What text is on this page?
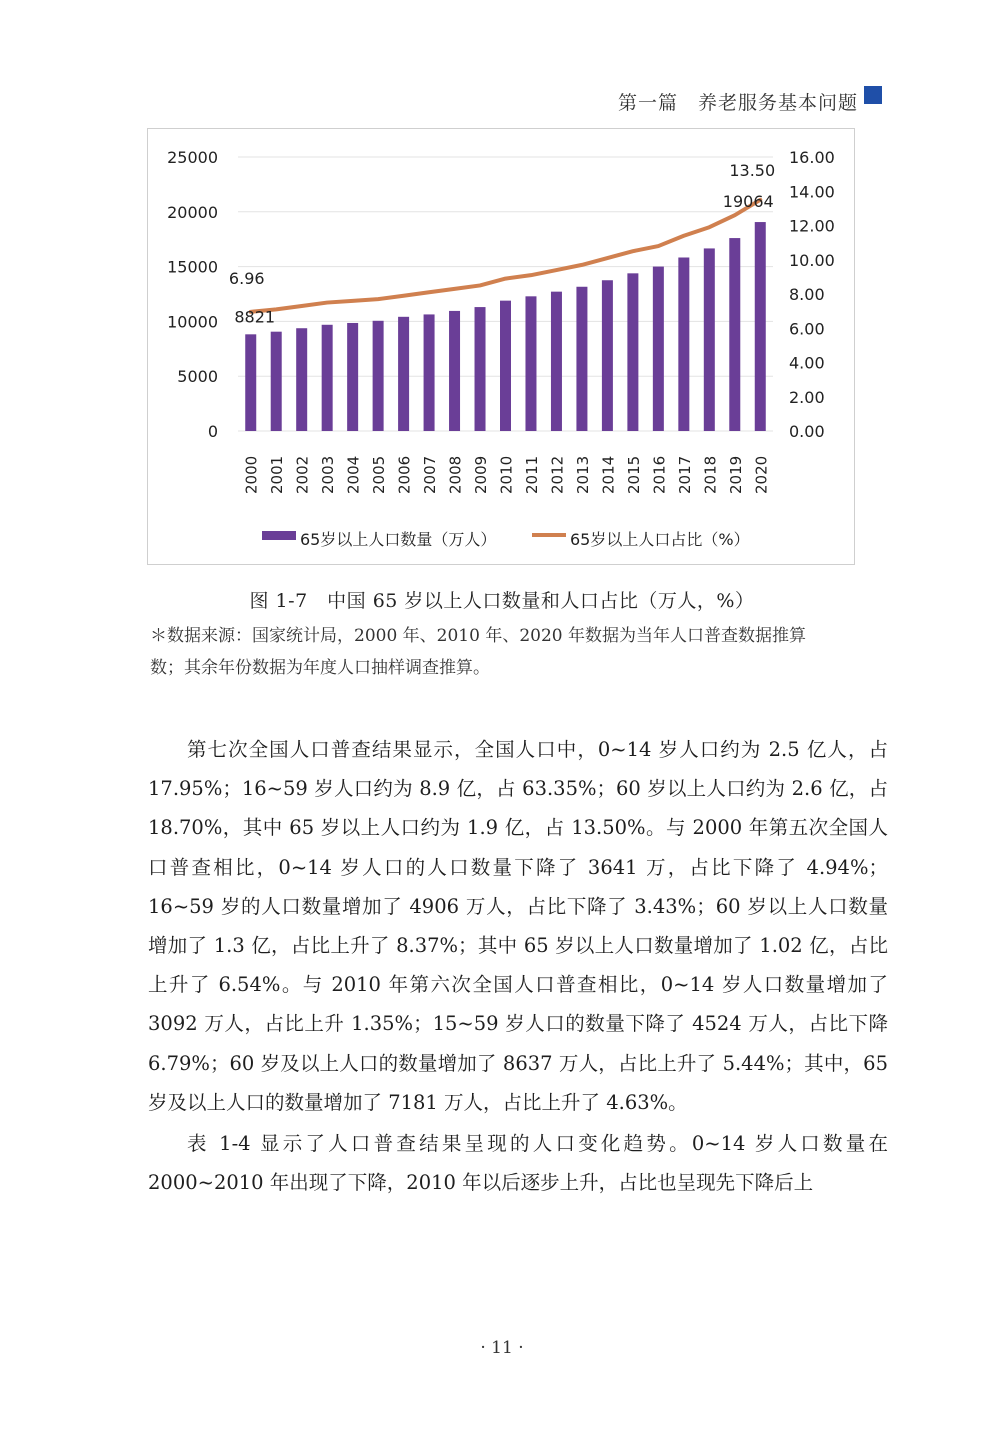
第一篇　养老服务基本问题
0
5000
10000
15000
20000
25000
0.00
2.00
4.00
6.00
8.00
10.00
12.00
14.00
16.00
2000 2001 2002 2003 2004 2005 2006 2007 2008 2009 2010 2011 2012 2013 2014 2015 2016 2017 2018 2019 2020
6.96
8821
13.50
19064
65岁以上人口数量（万人）	65岁以上人口占比（%）
图 1-7　中国 65 岁以上人口数量和人口占比（万人，%）

＊数据来源：国家统计局，2000 年、2010 年、2020 年数据为当年人口普查数据推算

数；其余年份数据为年度人口抽样调查推算。

第七次全国人口普查结果显示，全国人口中，0~14 岁人口约为 2.5 亿人，占 17.95%；16~59 岁人口约为 8.9 亿，占 63.35%；60 岁以上人口约为 2.6 亿，占 18.70%，其中 65 岁以上人口约为 1.9 亿，占 13.50%。与 2000 年第五次全国人口普查相比，0~14 岁人口的人口数量下降了 3641 万，占比下降了 4.94%；16~59 岁的人口数量增加了 4906 万人，占比下降了 3.43%；60 岁以上人口数量增加了 1.3 亿，占比上升了 8.37%；其中 65 岁以上人口数量增加了 1.02 亿，占比上升了 6.54%。与 2010 年第六次全国人口普查相比，0~14 岁人口数量增加了 3092 万人，占比上升 1.35%；15~59 岁人口的数量下降了 4524 万人，占比下降 6.79%；60 岁及以上人口的数量增加了 8637 万人，占比上升了 5.44%；其中，65 岁及以上人口的数量增加了 7181 万人，占比上升了 4.63%。

表 1-4 显示了人口普查结果呈现的人口变化趋势。0~14 岁人口数量在 2000~2010 年出现了下降，2010 年以后逐步上升，占比也呈现先下降后上

· 11 ·
